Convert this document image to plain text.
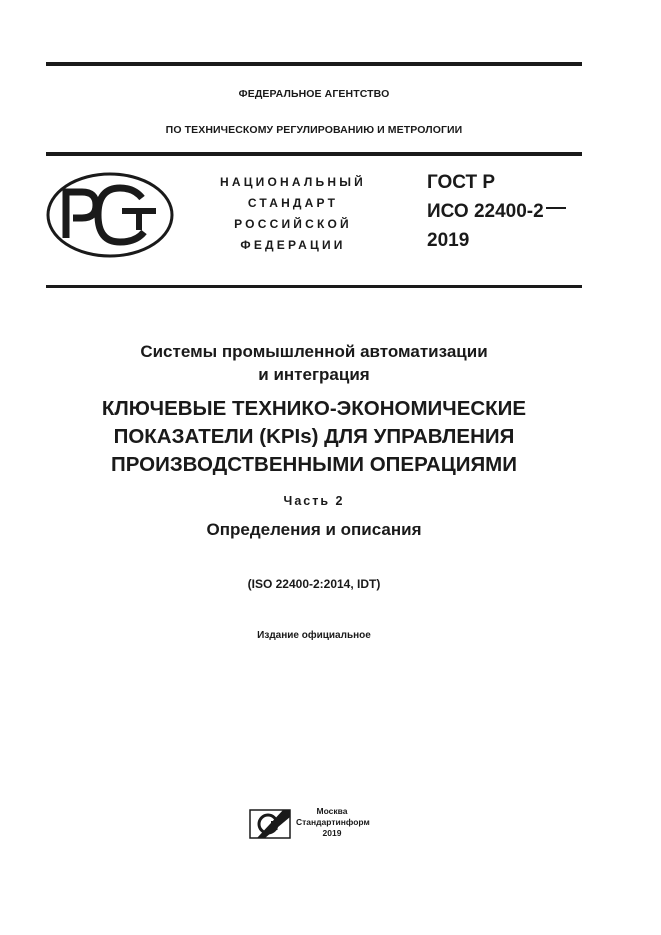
ФЕДЕРАЛЬНОЕ АГЕНТСТВО
ПО ТЕХНИЧЕСКОМУ РЕГУЛИРОВАНИЮ И МЕТРОЛОГИИ
НАЦИОНАЛЬНЫЙ
СТАНДАРТ
РОССИЙСКОЙ
ФЕДЕРАЦИИ
ГОСТ Р
ИСО 22400-2
2019
Системы промышленной автоматизации
и интеграция
КЛЮЧЕВЫЕ ТЕХНИКО-ЭКОНОМИЧЕСКИЕ
ПОКАЗАТЕЛИ (KPIs) ДЛЯ УПРАВЛЕНИЯ
ПРОИЗВОДСТВЕННЫМИ ОПЕРАЦИЯМИ
Часть 2
Определения и описания
(ISO 22400-2:2014, IDT)
Издание официальное
Москва
Стандартинформ
2019
